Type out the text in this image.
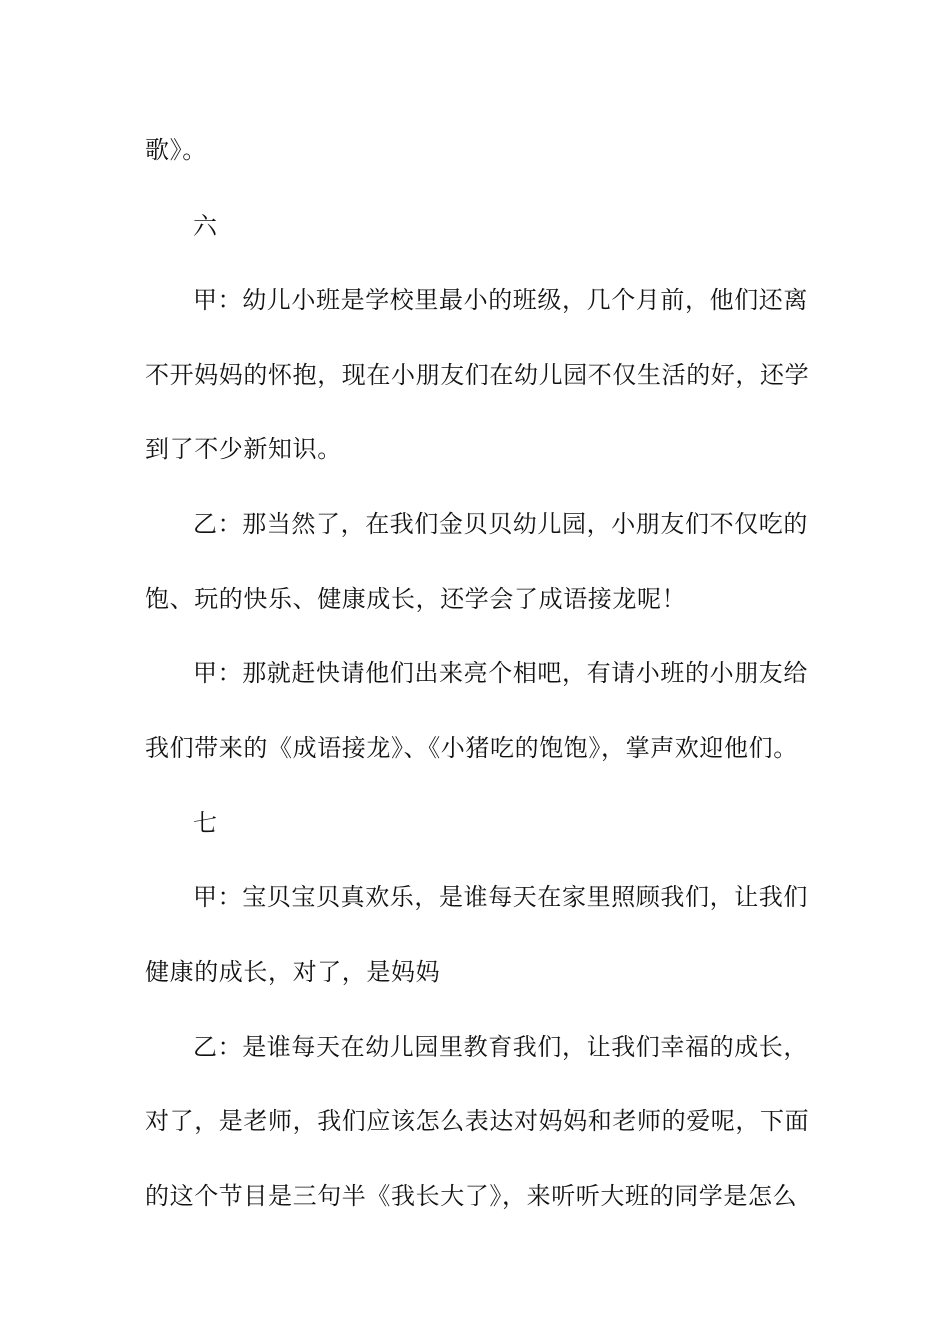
歌》。
六
甲：幼儿小班是学校里最小的班级，几个月前，他们还离
不开妈妈的怀抱，现在小朋友们在幼儿园不仅生活的好，还学
到了不少新知识。
乙：那当然了，在我们金贝贝幼儿园，小朋友们不仅吃的
饱、玩的快乐、健康成长，还学会了成语接龙呢！
甲：那就赶快请他们出来亮个相吧，有请小班的小朋友给
我们带来的《成语接龙》、《小猪吃的饱饱》，掌声欢迎他们。
七
甲：宝贝宝贝真欢乐，是谁每天在家里照顾我们，让我们
健康的成长，对了，是妈妈
乙：是谁每天在幼儿园里教育我们，让我们幸福的成长，
对了，是老师，我们应该怎么表达对妈妈和老师的爱呢，下面
的这个节目是三句半《我长大了》，来听听大班的同学是怎么
